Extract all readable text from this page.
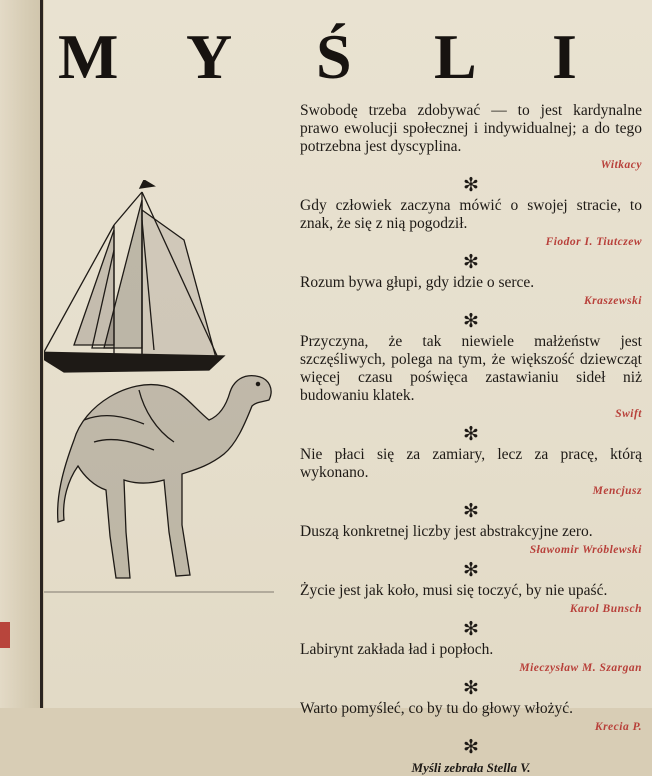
M Y Ś L I
Swobodę trzeba zdobywać — to jest kardynalne prawo ewolucji społecznej i indywidualnej; a do tego potrzebna jest dyscyplina.
Witkacy
✻
Gdy człowiek zaczyna mówić o swojej stracie, to znak, że się z nią pogodził.
Fiodor I. Tiutczew
✻
Rozum bywa głupi, gdy idzie o serce.
Kraszewski
✻
Przyczyna, że tak niewiele małżeństw jest szczęśliwych, polega na tym, że większość dziewcząt więcej czasu poświęca zastawianiu sideł niż budowaniu klatek.
Swift
✻
Nie płaci się za zamiary, lecz za pracę, którą wykonano.
Mencjusz
✻
Duszą konkretnej liczby jest abstrakcyjne zero.
Sławomir Wróblewski
✻
Życie jest jak koło, musi się toczyć, by nie upaść.
Karol Bunsch
✻
Labirynt zakłada ład i popłoch.
Mieczysław M. Szargan
✻
Warto pomyśleć, co by tu do głowy włożyć.
Krecia P.
✻
Myśli zebrała Stella V.
